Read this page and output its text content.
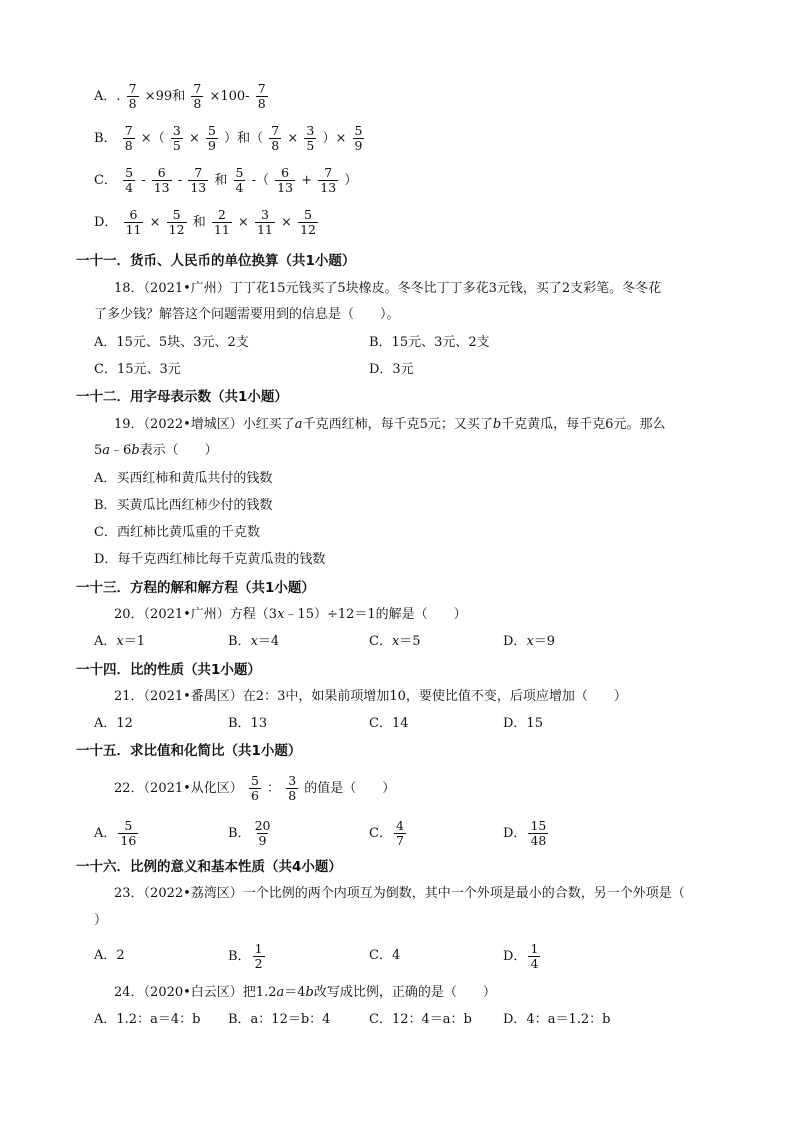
A．. $\frac{7}{8} \times 99$和 $\frac{7}{8} \times 100- \frac{7}{8}$
B． $\frac{7}{8}$ ×（ $\frac{3}{5} \times \frac{5}{9}$ ）和（ $\frac{7}{8} \times \frac{3}{5}$ ）× $\frac{5}{9}$
C． $\frac{5}{4} - \frac{6}{13} - \frac{7}{13}$ 和 $\frac{5}{4}$ -（ $\frac{6}{13} + \frac{7}{13}$ ）
D． $\frac{6}{11} \times \frac{5}{12}$ 和 $\frac{2}{11} \times \frac{3}{11} \times \frac{5}{12}$
一十一．货币、人民币的单位换算（共1小题）
18．（2021•广州）丁丁花15元钱买了5块橡皮。冬冬比丁丁多花3元钱，买了2支彩笔。冬冬花
了多少钱？解答这个问题需要用到的信息是（　　）。
A．15元、5块、3元、2支	B．15元、3元、2支
C．15元、3元	D．3元
一十二．用字母表示数（共1小题）
19．（2022•增城区）小红买了a千克西红柿，每千克5元；又买了b千克黄瓜，每千克6元。那么
5a﹣6b表示（　　）
A．买西红柿和黄瓜共付的钱数
B．买黄瓜比西红柿少付的钱数
C．西红柿比黄瓜重的千克数
D．每千克西红柿比每千克黄瓜贵的钱数
一十三．方程的解和解方程（共1小题）
20．（2021•广州）方程（3x﹣15）÷12＝1的解是（　　）
A．x＝1	B．x＝4	C．x＝5	D．x＝9
一十四．比的性质（共1小题）
21．（2021•番禺区）在2：3中，如果前项增加10，要使比值不变，后项应增加（　　）
A．12	B．13	C．14	D．15
一十五．求比值和化简比（共1小题）
22．（2021•从化区） $\frac{5}{6}$ ： $\frac{3}{8}$ 的值是（　　）
A． $\frac{5}{16}$	B． $\frac{20}{9}$	C． $\frac{4}{7}$	D． $\frac{15}{48}$
一十六．比例的意义和基本性质（共4小题）
23．（2022•荔湾区）一个比例的两个内项互为倒数，其中一个外项是最小的合数，另一个外项是（
）
A．2	B． $\frac{1}{2}$	C．4	D． $\frac{1}{4}$
24．（2020•白云区）把1.2a＝4b改写成比例，正确的是（　　）
A．1.2：a＝4：b B．a：12＝b：4	C．12：4＝a：b D．4：a＝1.2：b
